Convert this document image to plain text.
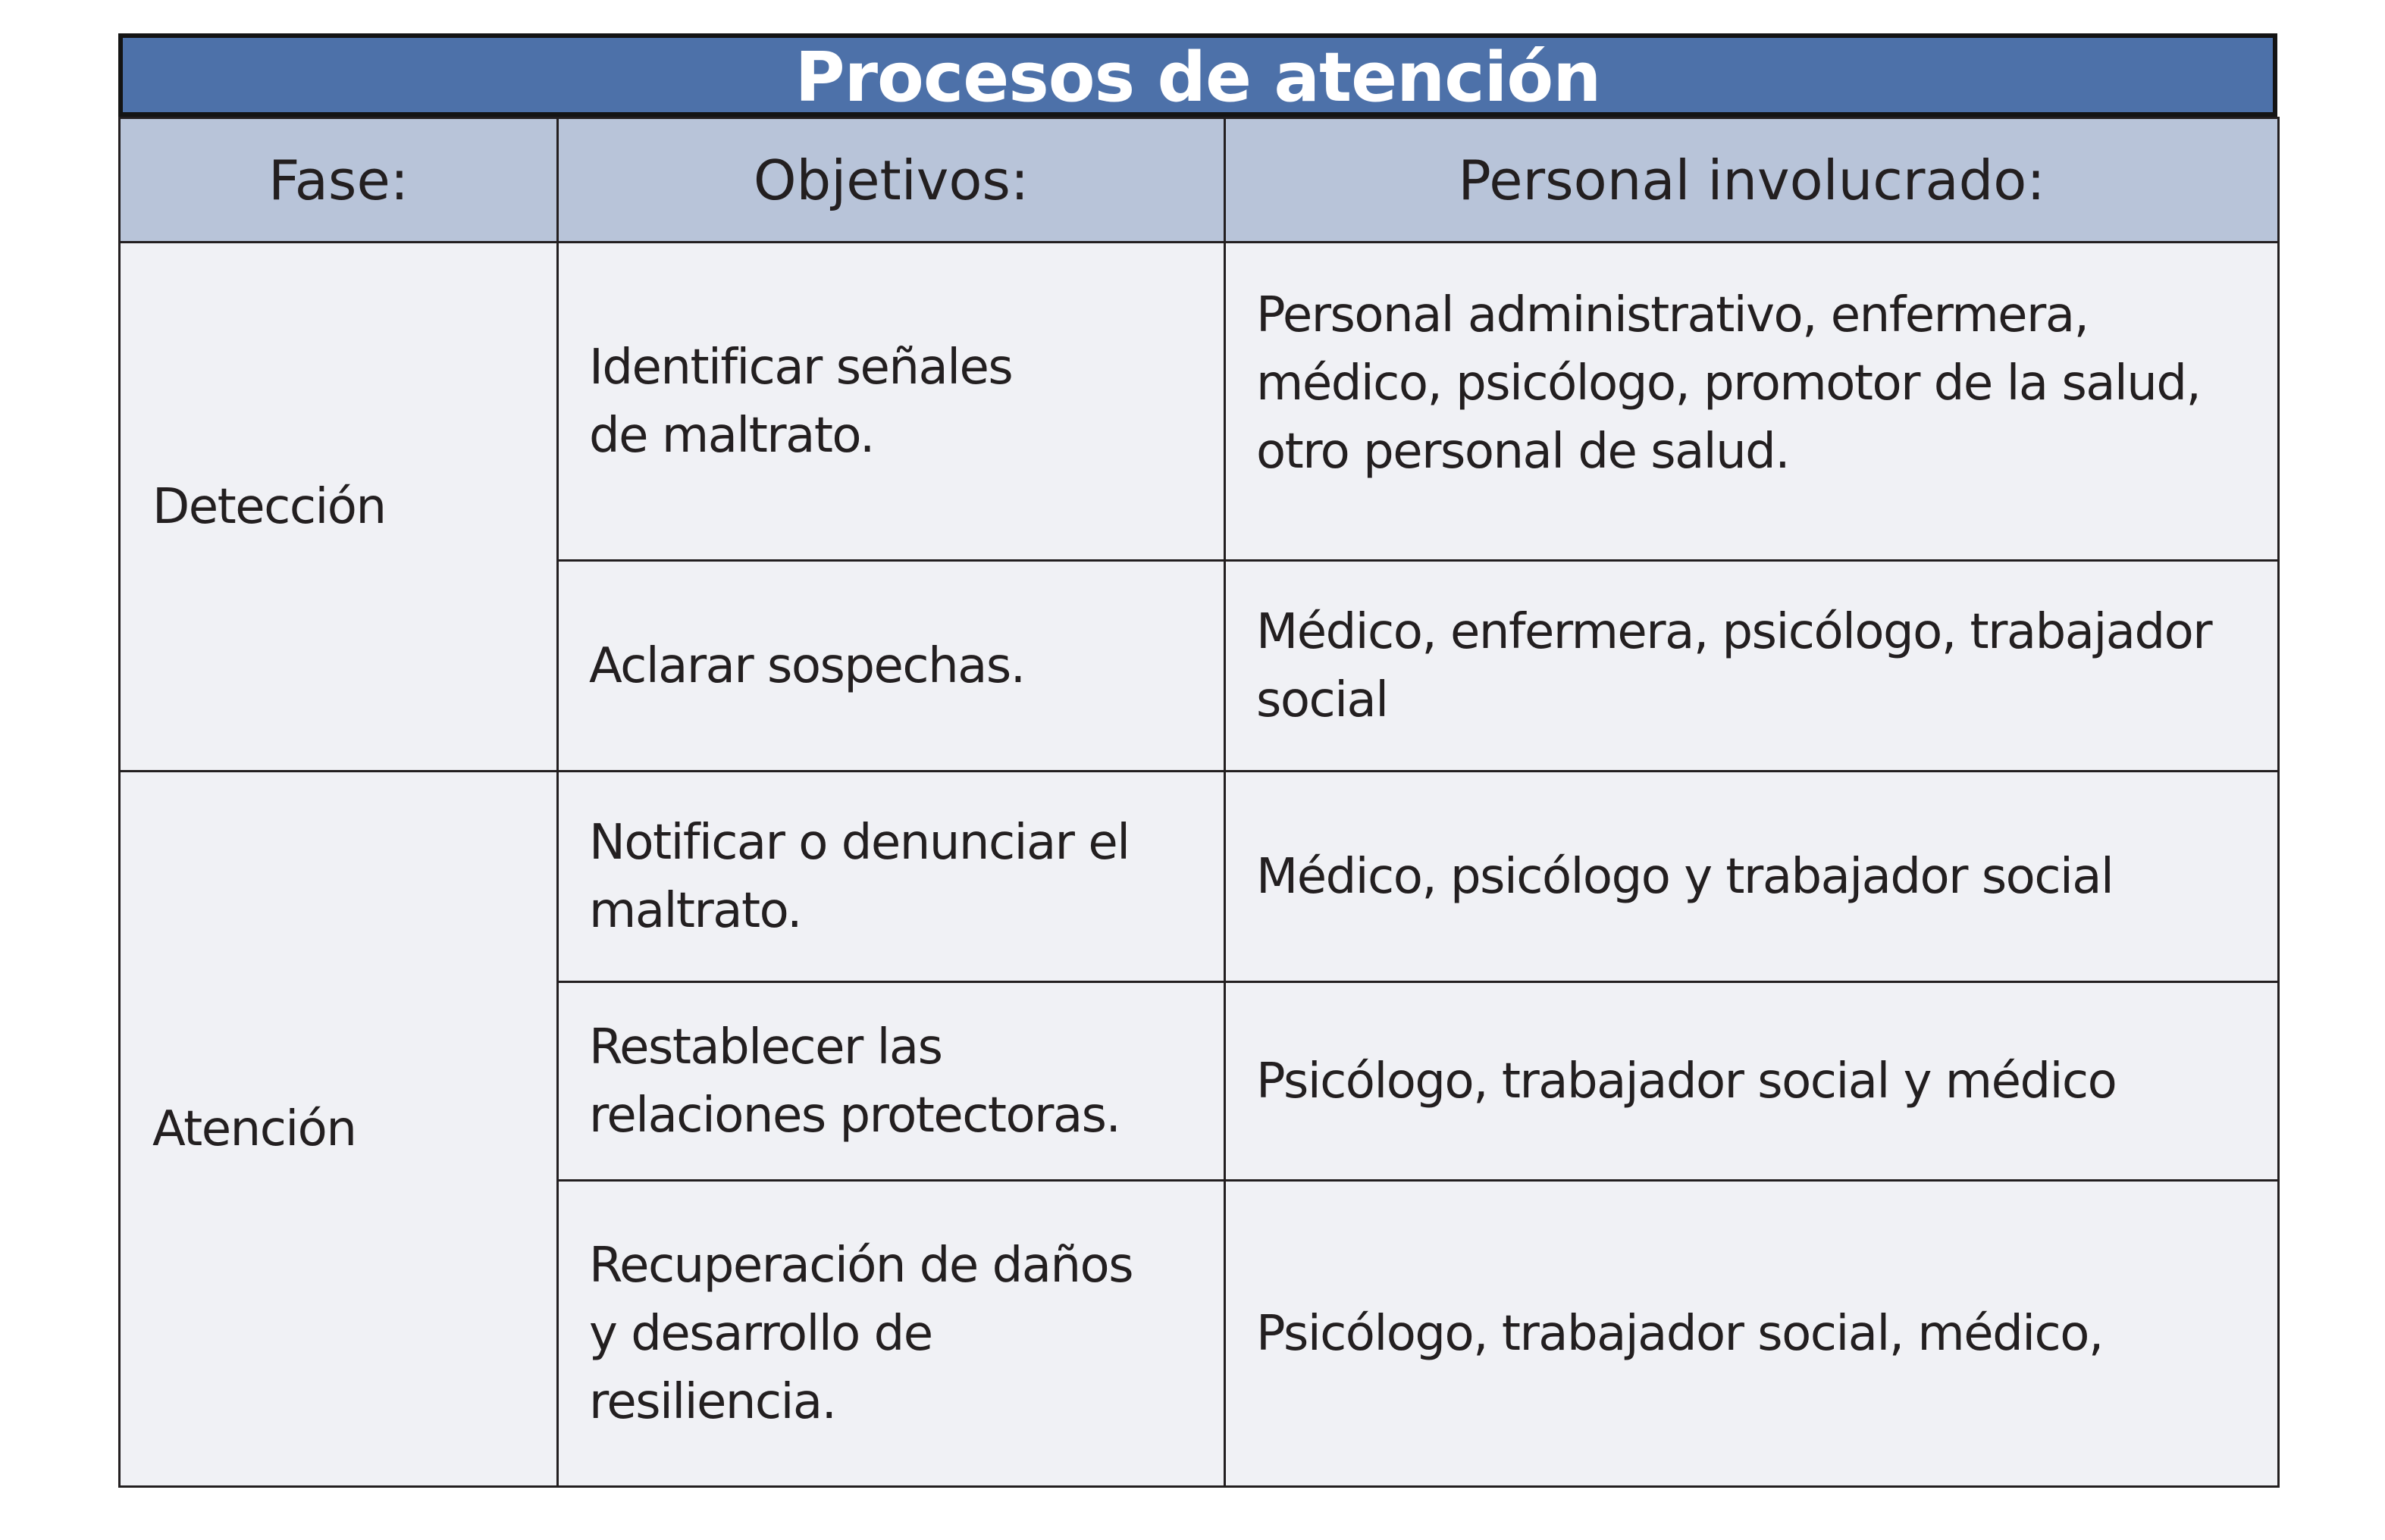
Procesos de atención
Fase:	Objetivos:	Personal involucrado:
Detección	Identificar señales de maltrato.	Personal administrativo, enfermera, médico, psicólogo, promotor de la salud, otro personal de salud.

	Aclarar sospechas.	Médico, enfermera, psicólogo, trabajador social

Atención	Notificar o denunciar el maltrato.	Médico, psicólogo y trabajador social

	Restablecer las relaciones protectoras.	Psicólogo, trabajador social y médico

	Recuperación de daños y desarrollo de resiliencia.	Psicólogo, trabajador social, médico,
